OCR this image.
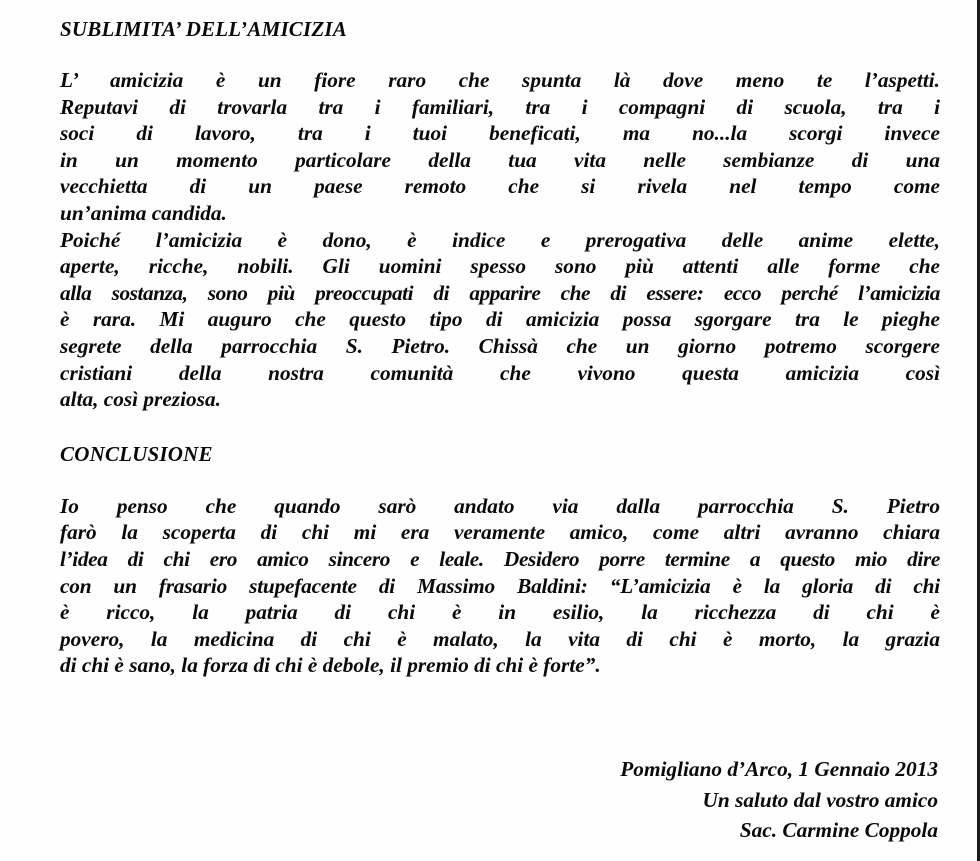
SUBLIMITA’ DELL’AMICIZIA

L’ amicizia è un fiore raro che spunta là dove meno te l’aspetti.
Reputavi di trovarla tra i familiari, tra i compagni di scuola, tra i
soci di lavoro, tra i tuoi beneficati, ma no...la scorgi invece
in un momento particolare della tua vita nelle sembianze di una
vecchietta di un paese remoto che si rivela nel tempo come
un’anima candida.

Poiché l’amicizia è dono, è indice e prerogativa delle anime elette,
aperte, ricche, nobili. Gli uomini spesso sono più attenti alle forme che
alla sostanza, sono più preoccupati di apparire che di essere: ecco perché l’amicizia
è rara. Mi auguro che questo tipo di amicizia possa sgorgare tra le pieghe
segrete della parrocchia S. Pietro. Chissà che un giorno potremo scorgere
cristiani della nostra comunità che vivono questa amicizia così
alta, così preziosa.

CONCLUSIONE

Io penso che quando sarò andato via dalla parrocchia S. Pietro
farò la scoperta di chi mi era veramente amico, come altri avranno chiara
l’idea di chi ero amico sincero e leale. Desidero porre termine a questo mio dire
con un frasario stupefacente di Massimo Baldini: “L’amicizia è la gloria di chi
è ricco, la patria di chi è in esilio, la ricchezza di chi è
povero, la medicina di chi è malato, la vita di chi è morto, la grazia
di chi è sano, la forza di chi è debole, il premio di chi è forte”.

Pomigliano d’Arco, 1 Gennaio 2013
Un saluto dal vostro amico
Sac. Carmine Coppola
